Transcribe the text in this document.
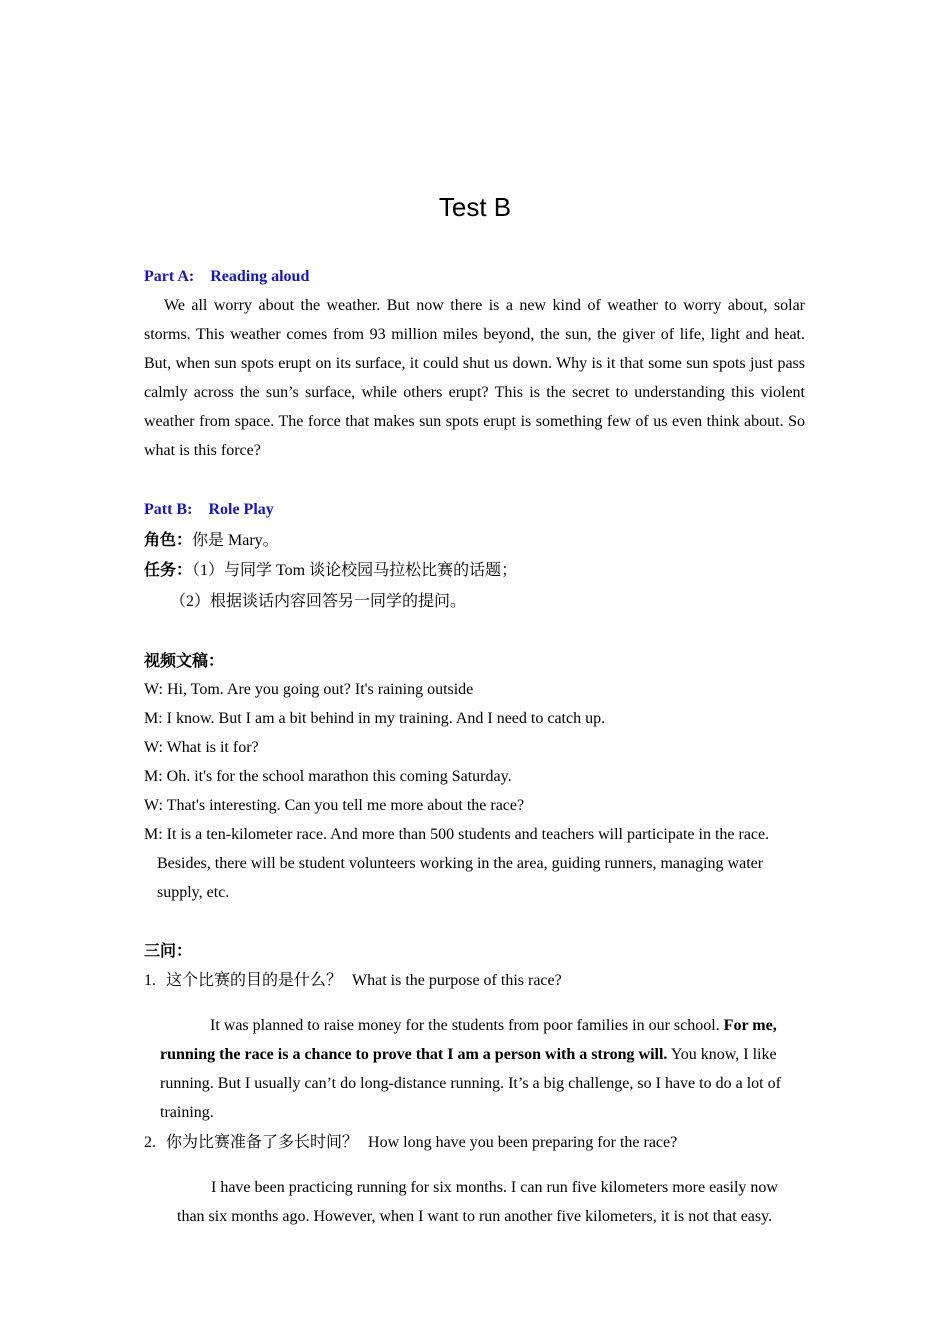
Test B
Part A: Reading aloud
We all worry about the weather. But now there is a new kind of weather to worry about, solar storms. This weather comes from 93 million miles beyond, the sun, the giver of life, light and heat. But, when sun spots erupt on its surface, it could shut us down. Why is it that some sun spots just pass calmly across the sun’s surface, while others erupt? This is the secret to understanding this violent weather from space. The force that makes sun spots erupt is something few of us even think about. So what is this force?
Patt B: Role Play
角色：你是 Mary。
任务：（1）与同学 Tom 谈论校园马拉松比赛的话题；
（2）根据谈话内容回答另一同学的提问。
视频文稿：
W: Hi, Tom. Are you going out? It's raining outside
M: I know. But I am a bit behind in my training. And I need to catch up.
W: What is it for?
M: Oh. it's for the school marathon this coming Saturday.
W: That's interesting. Can you tell me more about the race?
M: It is a ten-kilometer race. And more than 500 students and teachers will participate in the race.
Besides, there will be student volunteers working in the area, guiding runners, managing water
supply, etc.
三问：
1. 这个比赛的目的是什么？ What is the purpose of this race?
It was planned to raise money for the students from poor families in our school. For me, running the race is a chance to prove that I am a person with a strong will. You know, I like running. But I usually can’t do long-distance running. It’s a big challenge, so I have to do a lot of training.
2. 你为比赛准备了多长时间？ How long have you been preparing for the race?
I have been practicing running for six months. I can run five kilometers more easily now
than six months ago. However, when I want to run another five kilometers, it is not that easy.
